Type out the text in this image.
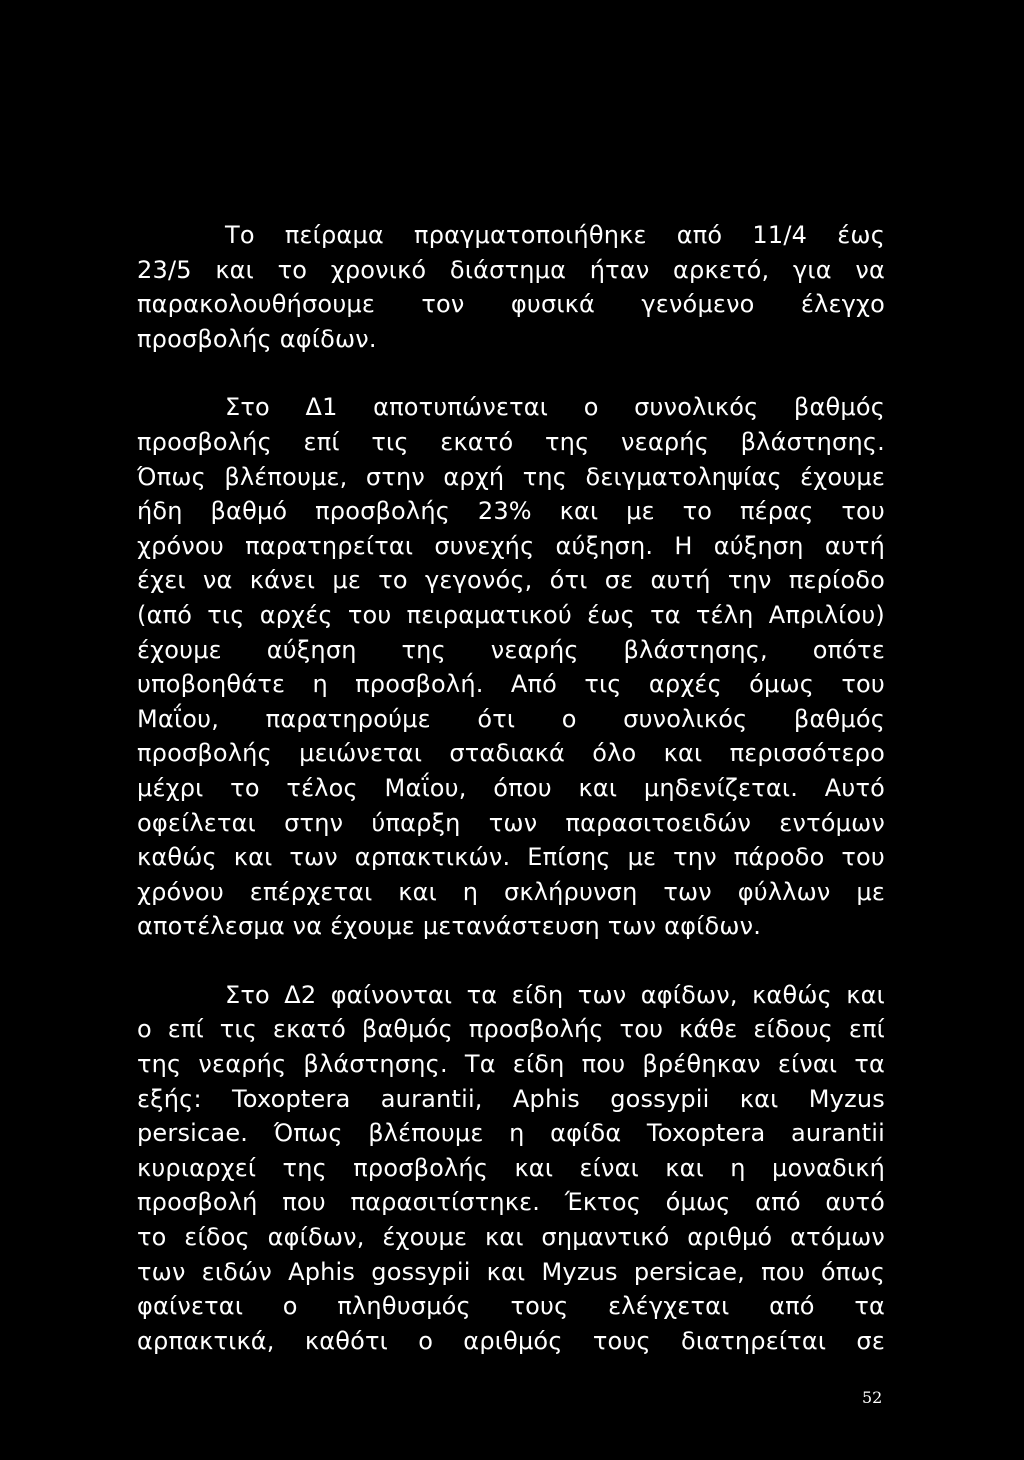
Το πείραμα πραγματοποιήθηκε από 11/4 έως
23/5 και το χρονικό διάστημα ήταν αρκετό, για να
παρακολουθήσουμε τον φυσικά γενόμενο έλεγχο
προσβολής αφίδων.
Στο Δ1 αποτυπώνεται ο συνολικός βαθμός
προσβολής επί τις εκατό της νεαρής βλάστησης.
Όπως βλέπουμε, στην αρχή της δειγματοληψίας έχουμε
ήδη βαθμό προσβολής 23% και με το πέρας του
χρόνου παρατηρείται συνεχής αύξηση. Η αύξηση αυτή
έχει να κάνει με το γεγονός, ότι σε αυτή την περίοδο
(από τις αρχές του πειραματικού έως τα τέλη Απριλίου)
έχουμε αύξηση της νεαρής βλάστησης, οπότε
υποβοηθάτε η προσβολή. Από τις αρχές όμως του
Μαΐου, παρατηρούμε ότι ο συνολικός βαθμός
προσβολής μειώνεται σταδιακά όλο και περισσότερο
μέχρι το τέλος Μαΐου, όπου και μηδενίζεται. Αυτό
οφείλεται στην ύπαρξη των παρασιτοειδών εντόμων
καθώς και των αρπακτικών. Επίσης με την πάροδο του
χρόνου επέρχεται και η σκλήρυνση των φύλλων με
αποτέλεσμα να έχουμε μετανάστευση των αφίδων.
Στο Δ2 φαίνονται τα είδη των αφίδων, καθώς και
ο επί τις εκατό βαθμός προσβολής του κάθε είδους επί
της νεαρής βλάστησης. Τα είδη που βρέθηκαν είναι τα
εξής: Toxoptera aurantii, Aphis gossypii και Myzus
persicae. Όπως βλέπουμε η αφίδα Toxoptera aurantii
κυριαρχεί της προσβολής και είναι και η μοναδική
προσβολή που παρασιτίστηκε. Έκτος όμως από αυτό
το είδος αφίδων, έχουμε και σημαντικό αριθμό ατόμων
των ειδών Aphis gossypii και Myzus persicae, που όπως
φαίνεται ο πληθυσμός τους ελέγχεται από τα
αρπακτικά, καθότι ο αριθμός τους διατηρείται σε
52
